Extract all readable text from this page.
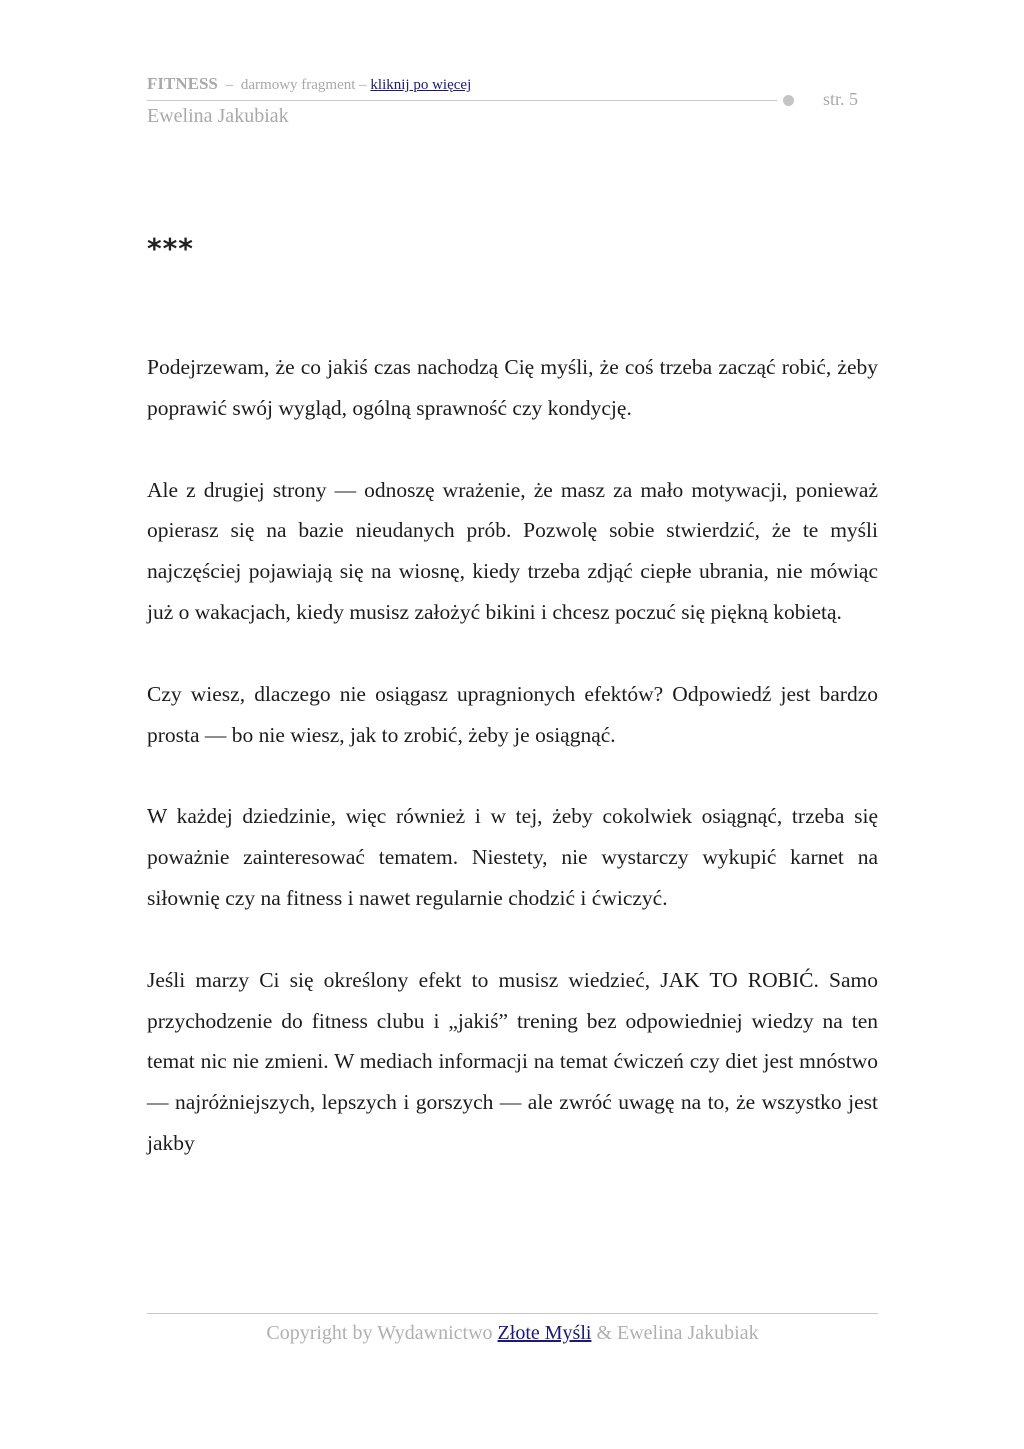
FITNESS – darmowy fragment – kliknij po więcej
str. 5
Ewelina Jakubiak
***

Podejrzewam, że co jakiś czas nachodzą Cię myśli, że coś trzeba zacząć robić, żeby poprawić swój wygląd, ogólną sprawność czy kondycję.

Ale z drugiej strony — odnoszę wrażenie, że masz za mało motywacji, ponieważ opierasz się na bazie nieudanych prób. Pozwolę sobie stwierdzić, że te myśli najczęściej pojawiają się na wiosnę, kiedy trzeba zdjąć ciepłe ubrania, nie mówiąc już o wakacjach, kiedy musisz założyć bikini i chcesz poczuć się piękną kobietą.

Czy wiesz, dlaczego nie osiągasz upragnionych efektów? Odpowiedź jest bardzo prosta — bo nie wiesz, jak to zrobić, żeby je osiągnąć.

W każdej dziedzinie, więc również i w tej, żeby cokolwiek osiągnąć, trzeba się poważnie zainteresować tematem. Niestety, nie wystarczy wykupić karnet na siłownię czy na fitness i nawet regularnie chodzić i ćwiczyć.

Jeśli marzy Ci się określony efekt to musisz wiedzieć, JAK TO ROBIĆ. Samo przychodzenie do fitness clubu i „jakiś” trening bez odpowiedniej wiedzy na ten temat nic nie zmieni. W mediach informacji na temat ćwiczeń czy diet jest mnóstwo — najróżniejszych, lepszych i gorszych — ale zwróć uwagę na to, że wszystko jest jakby

Copyright by Wydawnictwo Złote Myśli & Ewelina Jakubiak
